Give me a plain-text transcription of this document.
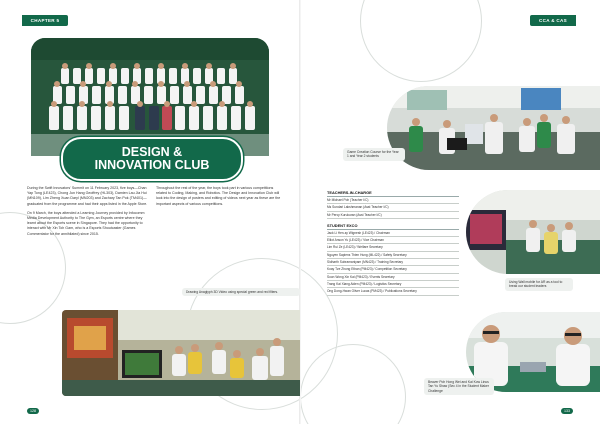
CHAPTER 5
DESIGN &
INNOVATION CLUB

During the Swift Innovators' Summit on 11 February 2023, five boys—Chan Yap Tong (LE423), Chong Jun Hang Geoffrey (HL303), Damien Lau Jia Hui (MN109), Lim Zheng Xuan Daryl (MN203) and Zachary Tan Pok (TM401)—graduated from the programme and had their apps listed in the Apple Store.

On 9 March, the boys attended a Learning Journey provided by Infocomm Media Development Authority to The Gym, an Esports centre where they learnt about the Esports scene in Singapore. They had the opportunity to interact with Mr Xin Toh Gam, who is a Esports Shoutcaster (Games Commentator for the annihilated) since 2015.

Throughout the rest of the year, the boys took part in various competitions related to Coding, Making, and Robotics. The Design and Innovation Club will look into the design of posters and editing of videos next year as these are the important aspects of various competitions.

Drawing Anaglyph 3D Video using special green and red filters.
128
CCA & CAS
Game Creation Course for the Year 1 and Year 2 students
TEACHERS-IN-CHARGE
Mr Michael Poh (Teacher I/C)
Ms Sundari Lakshmanan (Asst Teacher I/C)
Mr Percy Kurukuran (Asst Teacher I/C)
STUDENT EXCO
Jack Li Hen-sy Wignesh (LE423) / Chairman
Elliot Anson Yu (LE423) / Vice Chairman
Lim Rui Ze (LE423) / Welfare Secretary
Nguyen Sapiens Thien Hung (ML422) / Safety Secretary
Sidharth Subramaniyam (MN423) / Training Secretary
Koay Tze Zhong Ethan (PM423) / Competition Secretary
Soon Wong Xin Kai (PM423) / Events Secretary
Trang Kai Xiang Aiden (PM423) / Logistics Secretary
Ong Dong-Hwan Oliver Lucas (PM423) / Publications Secretary
Using Wall mobile for AR as a tool to break our student leaders
Beaver Poh Hong Wei and Kai Kow Linus Tan Yu Shaw (Sec 4 in the Student Maker Challenge
133
